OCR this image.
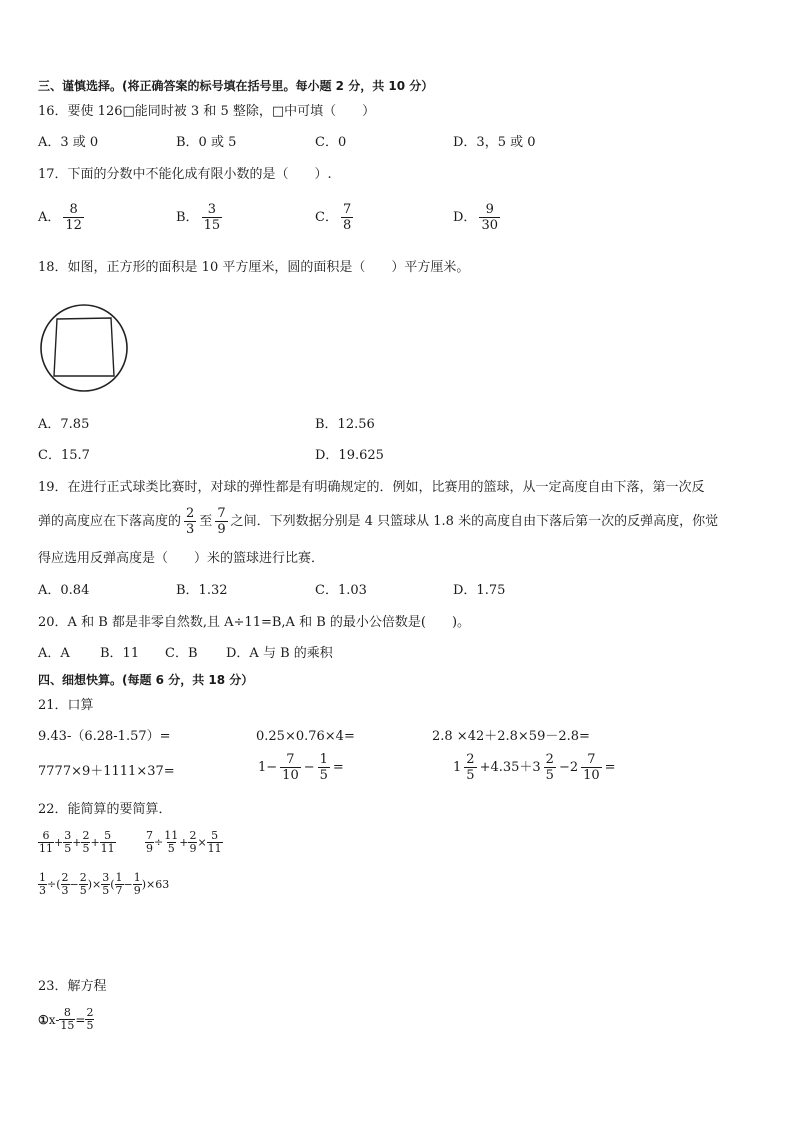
三、谨慎选择。(将正确答案的标号填在括号里。每小题 2 分，共 10 分）
16．要使 126□能同时被 3 和 5 整除，□中可填（　　）
A．3 或 0	B．0 或 5	C．0	D．3，5 或 0
17．下面的分数中不能化成有限小数的是（　　）.
A． $\frac{8}{12}$	B． $\frac{3}{15}$	C． $\frac{7}{8}$	D． $\frac{9}{30}$
18．如图，正方形的面积是 10 平方厘米，圆的面积是（　　）平方厘米。
A．7.85	B．12.56
C．15.7	D．19.625
19．在进行正式球类比赛时，对球的弹性都是有明确规定的．例如，比赛用的篮球，从一定高度自由下落，第一次反
弹的高度应在下落高度的 $\frac{2}{3}$ 至 $\frac{7}{9}$ 之间．下列数据分别是 4 只篮球从 1.8 米的高度自由下落后第一次的反弹高度，你觉
得应选用反弹高度是（　　）米的篮球进行比赛．
A．0.84	B．1.32	C．1.03	D．1.75
20．A 和 B 都是非零自然数,且 A÷11=B,A 和 B 的最小公倍数是(　　)。
A．A B．11 C．B D．A 与 B 的乘积
四、细想快算。(每题 6 分，共 18 分）
21．口算
9.43-（6.28-1.57）=	0.25×0.76×4=	2.8 ×42＋2.8×59－2.8=
7777×9＋1111×37=	$1- \frac{7}{10} - \frac{1}{5}$ =	$1 \frac{2}{5} +4.35+3 \frac{2}{5} -2 \frac{7}{10}$ =
22．能简算的要简算．
$\frac{6}{11} + \frac{3}{5} + \frac{2}{5} + \frac{5}{11}$	$\frac{7}{9} \div \frac{11}{5} + \frac{2}{9} \times \frac{5}{11}$
$\frac{1}{3}$ ÷( $\frac{2}{3} - \frac{2}{5}$ )× $\frac{3}{5}$ ( $\frac{1}{7} - \frac{1}{9} )\times 63$
23．解方程
① $x- \frac{8}{15} = \frac{2}{5}$
